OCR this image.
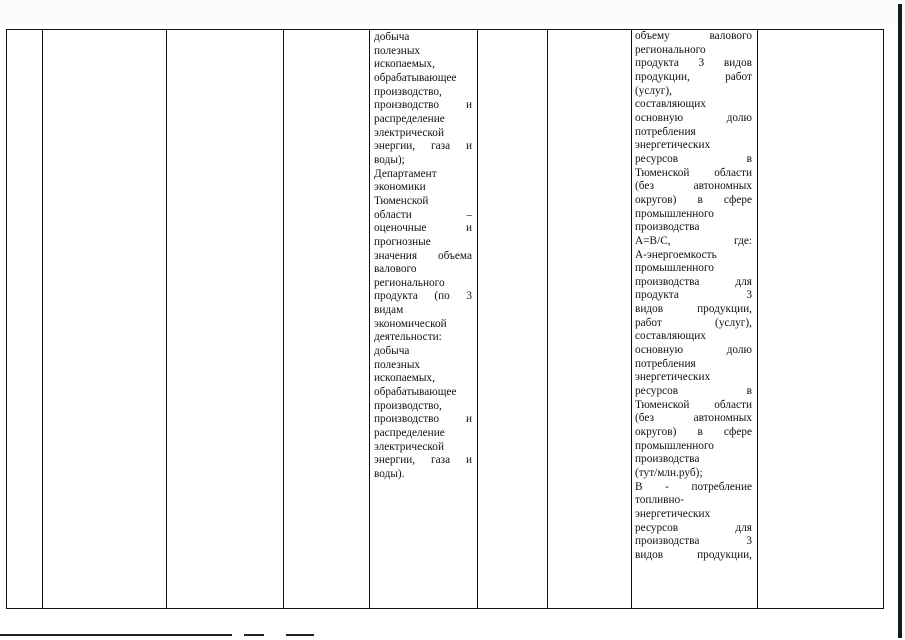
добыча
полезных
ископаемых,
обрабатывающее
производство,
производство и
распределение
электрической
энергии, газа и
воды);
Департамент
экономики
Тюменской
области –
оценочные и
прогнозные
значения объема
валового
регионального
продукта (по 3
видам
экономической
деятельности:
добыча
полезных
ископаемых,
обрабатывающее
производство,
производство и
распределение
электрической
энергии, газа и
воды).

объему валового
регионального
продукта 3 видов
продукции, работ
(услуг),
составляющих
основную долю
потребления
энергетических
ресурсов в
Тюменской области
(без автономных
округов) в сфере
промышленного
производства
A=B/C, где:
A-энергоемкость
промышленного
производства для
продукта 3
видов продукции,
работ (услуг),
составляющих
основную долю
потребления
энергетических
ресурсов в
Тюменской области
(без автономных
округов) в сфере
промышленного
производства
(тут/млн.руб);
B - потребление
топливно-
энергетических
ресурсов для
производства 3
видов продукции,
